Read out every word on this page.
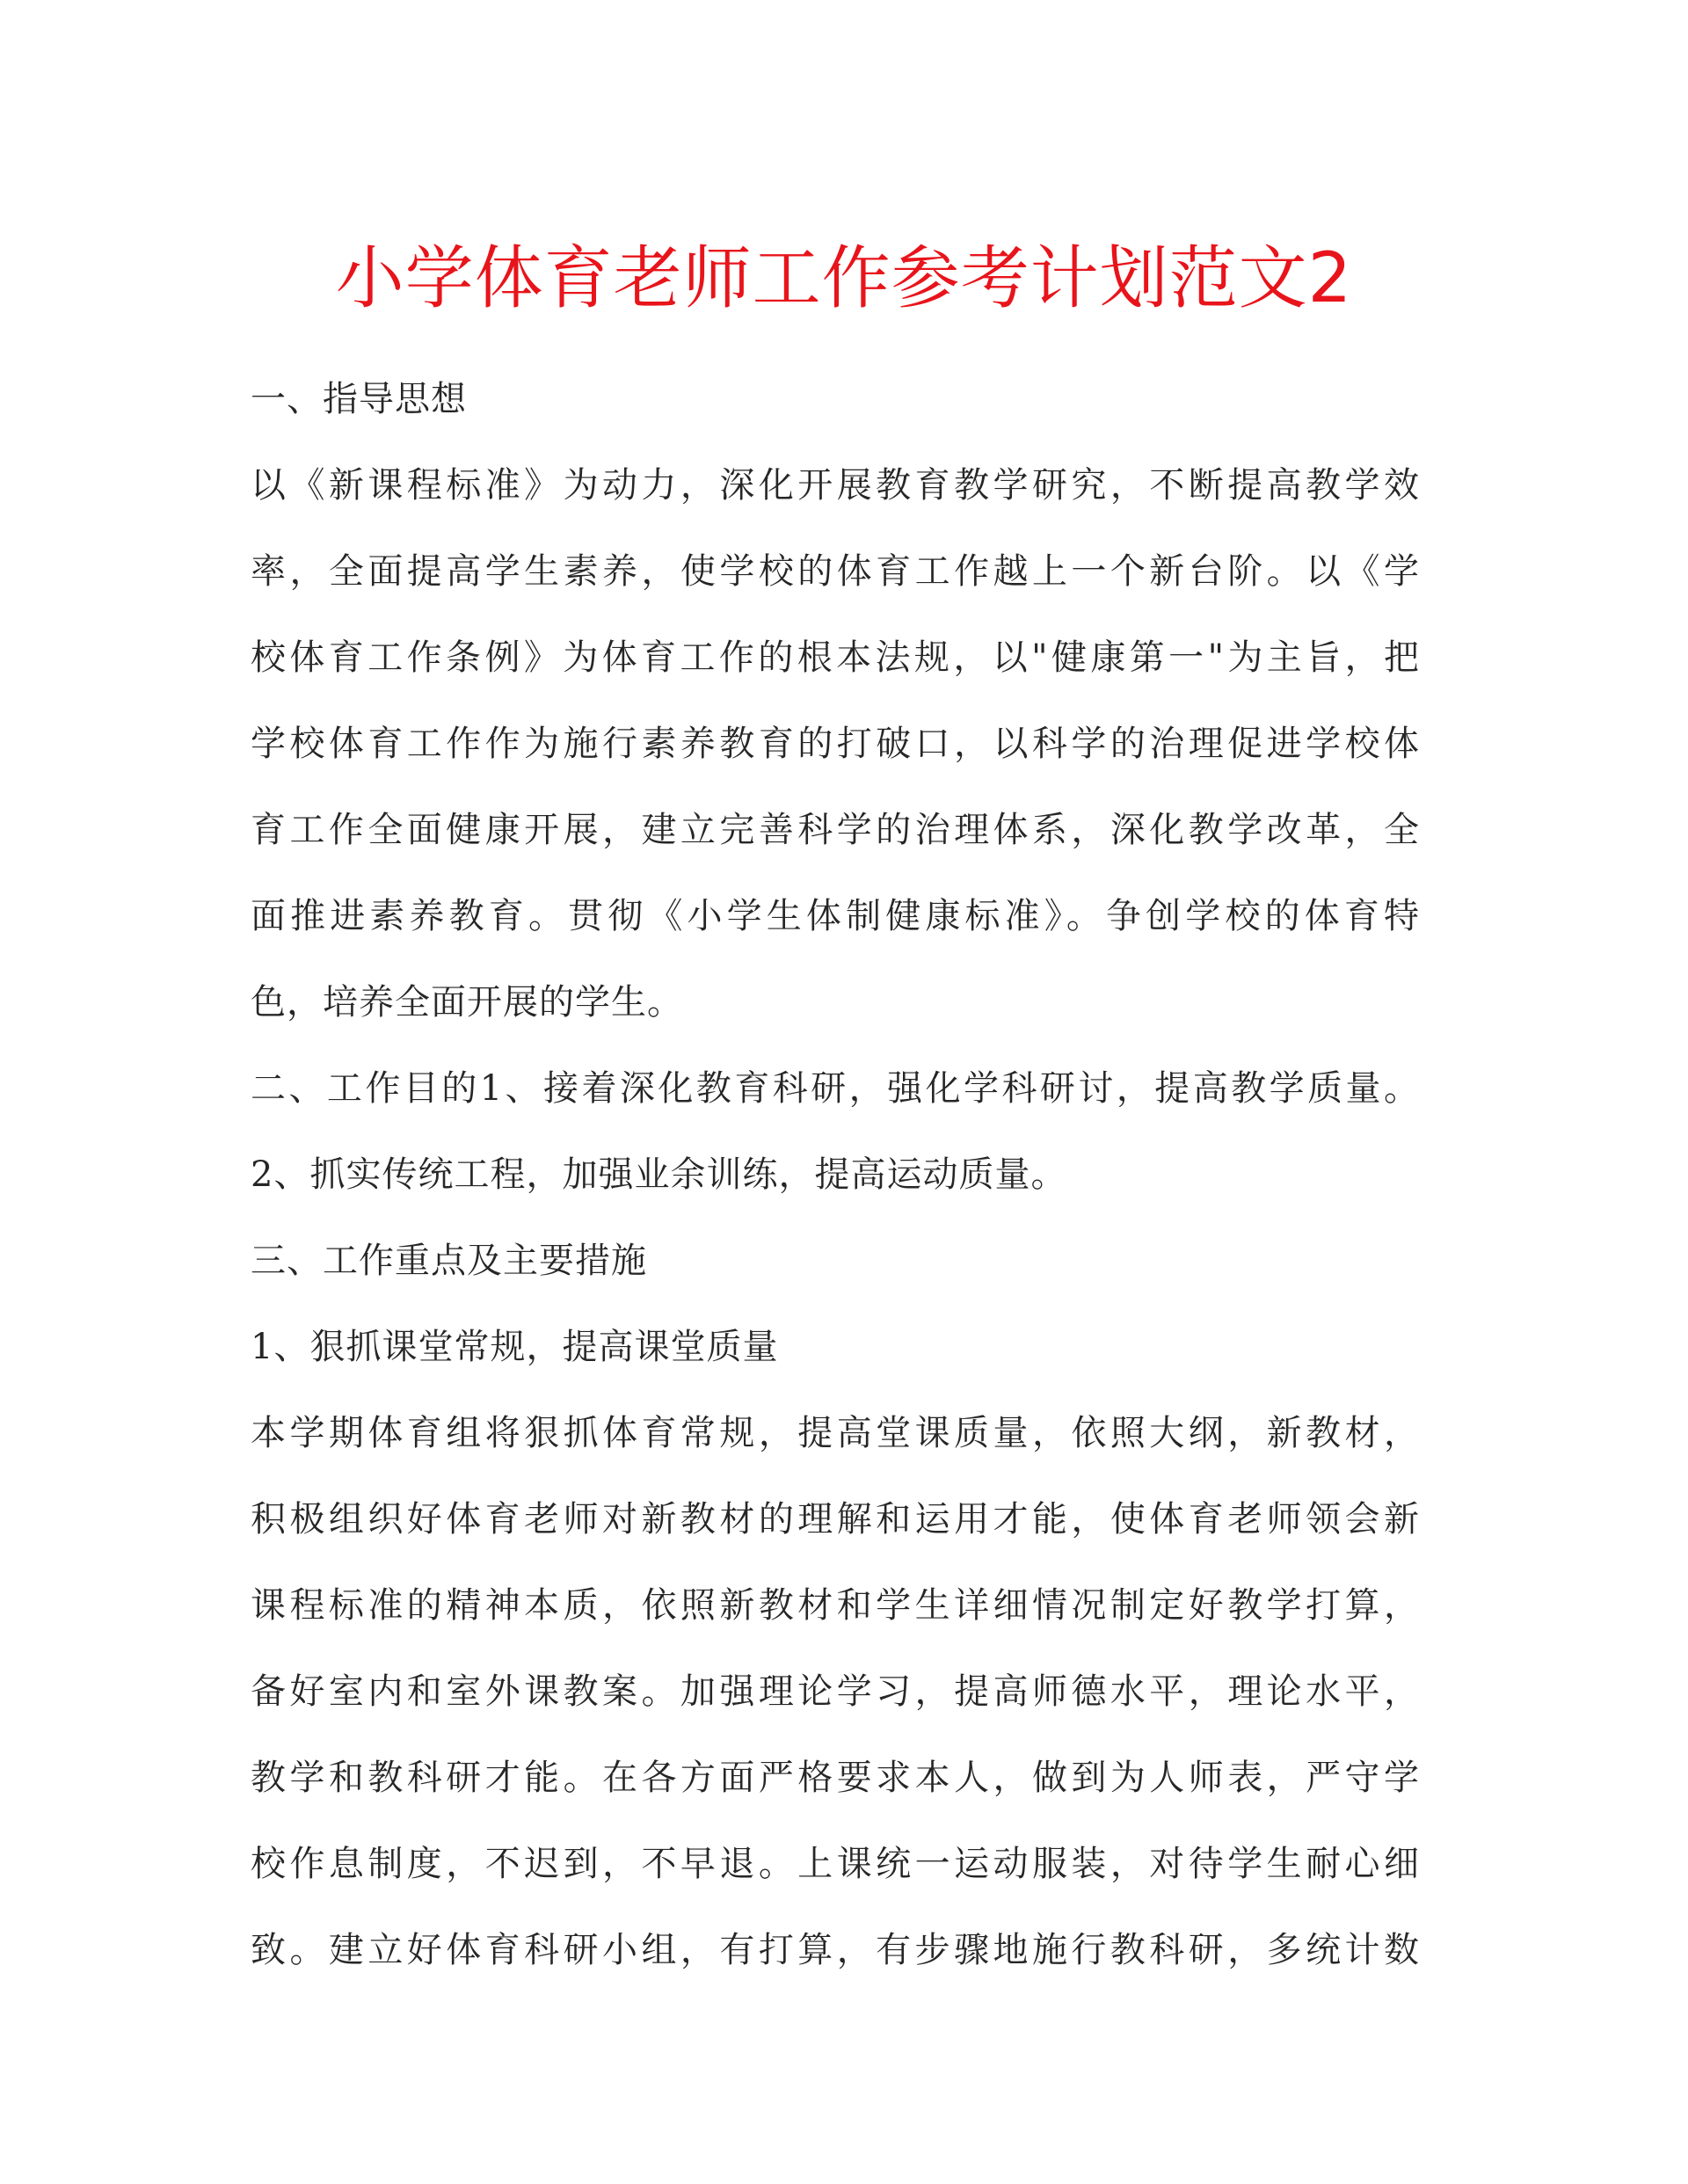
小学体育老师工作参考计划范文2
一、指导思想
以《新课程标准》为动力，深化开展教育教学研究，不断提高教学效
率，全面提高学生素养，使学校的体育工作越上一个新台阶。以《学
校体育工作条例》为体育工作的根本法规，以"健康第一"为主旨，把
学校体育工作作为施行素养教育的打破口，以科学的治理促进学校体
育工作全面健康开展，建立完善科学的治理体系，深化教学改革，全
面推进素养教育。贯彻《小学生体制健康标准》。争创学校的体育特
色，培养全面开展的学生。
二、工作目的1、接着深化教育科研，强化学科研讨，提高教学质量。
2、抓实传统工程，加强业余训练，提高运动质量。
三、工作重点及主要措施
1、狠抓课堂常规，提高课堂质量
本学期体育组将狠抓体育常规，提高堂课质量，依照大纲，新教材，
积极组织好体育老师对新教材的理解和运用才能，使体育老师领会新
课程标准的精神本质，依照新教材和学生详细情况制定好教学打算，
备好室内和室外课教案。加强理论学习，提高师德水平，理论水平，
教学和教科研才能。在各方面严格要求本人，做到为人师表，严守学
校作息制度，不迟到，不早退。上课统一运动服装，对待学生耐心细
致。建立好体育科研小组，有打算，有步骤地施行教科研，多统计数
